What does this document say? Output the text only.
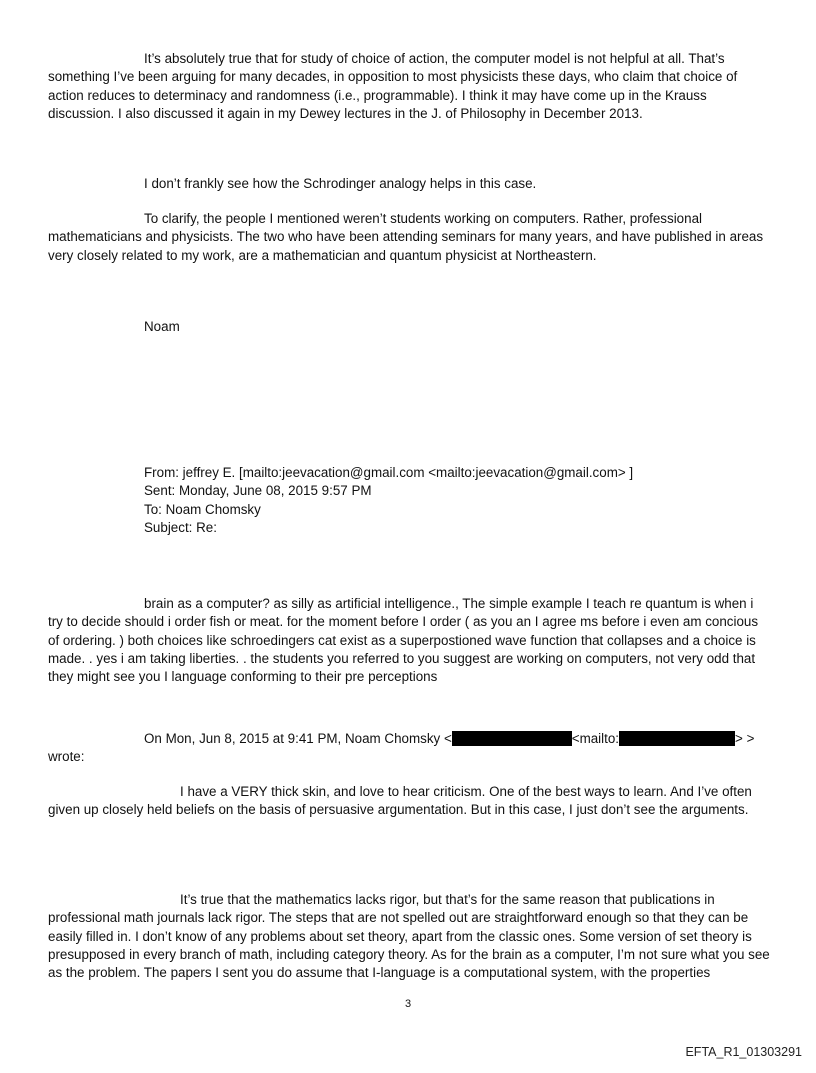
It’s absolutely true that for study of choice of action, the computer model is not helpful at all. That’s something I’ve been arguing for many decades, in opposition to most physicists these days, who claim that choice of action reduces to determinacy and randomness (i.e., programmable). I think it may have come up in the Krauss discussion. I also discussed it again in my Dewey lectures in the J. of Philosophy in December 2013.

I don’t frankly see how the Schrodinger analogy helps in this case.

To clarify, the people I mentioned weren’t students working on computers. Rather, professional mathematicians and physicists. The two who have been attending seminars for many years, and have published in areas very closely related to my work, are a mathematician and quantum physicist at Northeastern.

Noam

From: jeffrey E. [mailto:jeevacation@gmail.com <mailto:jeevacation@gmail.com> ]
Sent: Monday, June 08, 2015 9:57 PM
To: Noam Chomsky
Subject: Re:

brain as a computer? as silly as artificial intelligence., The simple example I teach re quantum is when i try to decide should i order fish or meat. for the moment before I order ( as you an I agree ms before i even am concious of ordering. ) both choices like schroedingers cat exist as a superpostioned wave function that collapses and a choice is made. . yes i am taking liberties. . the students you referred to you suggest are working on computers, not very odd that they might see you I language conforming to their pre perceptions

On Mon, Jun 8, 2015 at 9:41 PM, Noam Chomsky <	<mailto:	> >

wrote:

I have a VERY thick skin, and love to hear criticism. One of the best ways to learn. And I’ve often given up closely held beliefs on the basis of persuasive argumentation. But in this case, I just don’t see the arguments.

It’s true that the mathematics lacks rigor, but that’s for the same reason that publications in professional math journals lack rigor. The steps that are not spelled out are straightforward enough so that they can be easily filled in. I don’t know of any problems about set theory, apart from the classic ones. Some version of set theory is presupposed in every branch of math, including category theory. As for the brain as a computer, I’m not sure what you see as the problem. The papers I sent you do assume that I-language is a computational system, with the properties

3
EFTA_R1_01303291
